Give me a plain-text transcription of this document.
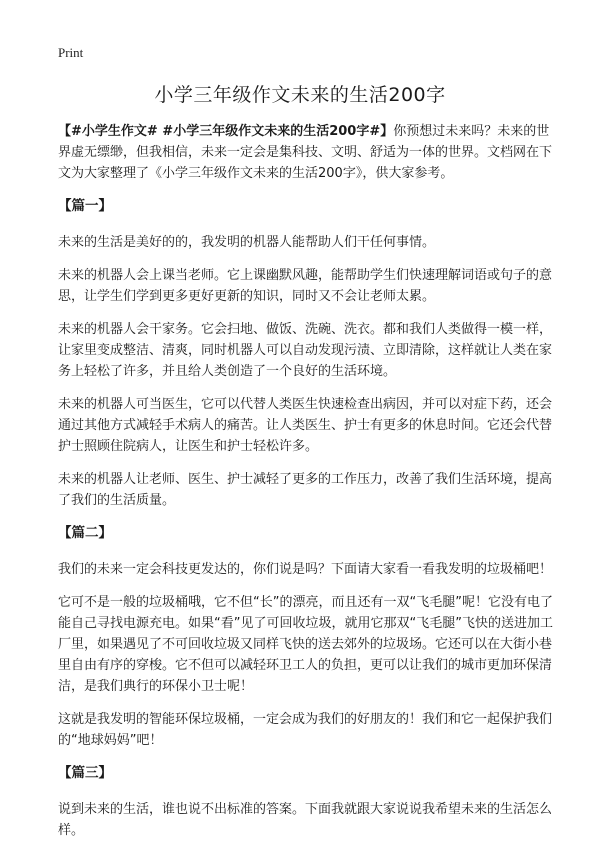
Print
小学三年级作文未来的生活200字

【#小学生作文# #小学三年级作文未来的生活200字#】你预想过未来吗？未来的世界虚无缥缈，但我相信，未来一定会是集科技、文明、舒适为一体的世界。文档网在下文为大家整理了《小学三年级作文未来的生活200字》，供大家参考。

【篇一】

未来的生活是美好的的，我发明的机器人能帮助人们干任何事情。

未来的机器人会上课当老师。它上课幽默风趣，能帮助学生们快速理解词语或句子的意思，让学生们学到更多更好更新的知识，同时又不会让老师太累。

未来的机器人会干家务。它会扫地、做饭、洗碗、洗衣。都和我们人类做得一模一样，让家里变成整洁、清爽，同时机器人可以自动发现污渍、立即清除，这样就让人类在家务上轻松了许多，并且给人类创造了一个良好的生活环境。

未来的机器人可当医生，它可以代替人类医生快速检查出病因，并可以对症下药，还会通过其他方式减轻手术病人的痛苦。让人类医生、护士有更多的休息时间。它还会代替护士照顾住院病人，让医生和护士轻松许多。

未来的机器人让老师、医生、护士减轻了更多的工作压力，改善了我们生活环境，提高了我们的生活质量。

【篇二】

我们的未来一定会科技更发达的，你们说是吗？下面请大家看一看我发明的垃圾桶吧！

它可不是一般的垃圾桶哦，它不但“长”的漂亮，而且还有一双“飞毛腿”呢！它没有电了能自己寻找电源充电。如果“看”见了可回收垃圾，就用它那双“飞毛腿”飞快的送进加工厂里，如果遇见了不可回收垃圾又同样飞快的送去郊外的垃圾场。它还可以在大街小巷里自由有序的穿梭。它不但可以减轻环卫工人的负担，更可以让我们的城市更加环保清洁，是我们典行的环保小卫士呢！

这就是我发明的智能环保垃圾桶，一定会成为我们的好朋友的！我们和它一起保护我们的“地球妈妈”吧！

【篇三】

说到未来的生活，谁也说不出标准的答案。下面我就跟大家说说我希望未来的生活怎么样。
